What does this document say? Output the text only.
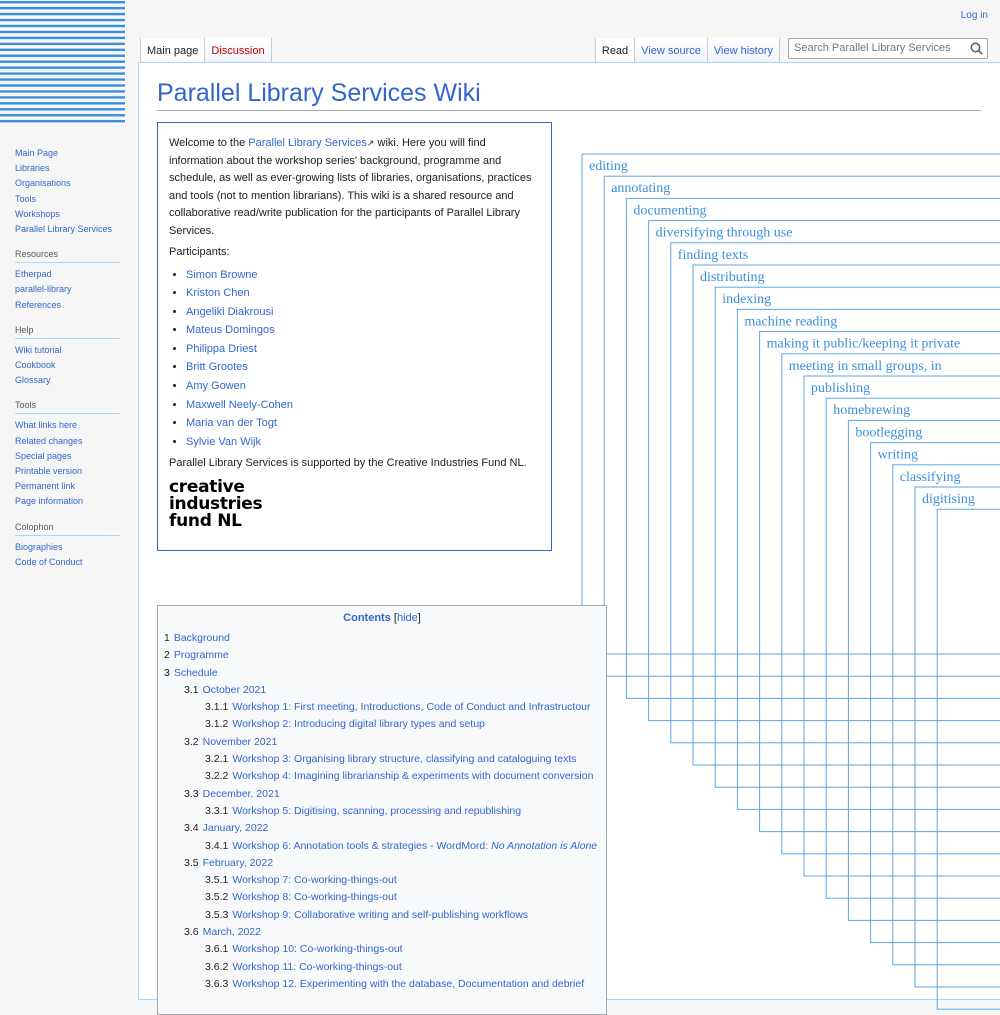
Log in
Main page	Discussion	Read	View source	View history	Search Parallel Library Services
Main Page
Libraries
Organisations
Tools
Workshops
Parallel Library Services
Resources
Etherpad
parallel-library
References
Help
Wiki tutorial
Cookbook
Glossary
Tools
What links here
Related changes
Special pages
Printable version
Permanent link
Page information
Colophon
Biographies
Code of Conduct
Parallel Library Services Wiki

Welcome to the Parallel Library Services↗ wiki. Here you will find information about the workshop series' background, programme and schedule, as well as ever-growing lists of libraries, organisations, practices and tools (not to mention librarians). This wiki is a shared resource and collaborative read/write publication for the participants of Parallel Library Services.

Participants:

• Simon Browne
• Kriston Chen
• Angeliki Diakrousi
• Mateus Domingos
• Philippa Driest
• Britt Grootes
• Amy Gowen
• Maxwell Neely-Cohen
• Maria van der Togt
• Sylvie Van Wijk

Parallel Library Services is supported by the Creative Industries Fund NL.

creative
industries
fund NL
editing
annotating
documenting
diversifying through use
finding texts
distributing
indexing
machine reading
making it public/keeping it private
meeting in small groups, in
publishing
homebrewing
bootlegging
writing
classifying
digitising
Contents [hide]
1 Background
2 Programme
3 Schedule
3.1 October 2021
3.1.1 Workshop 1: First meeting, Introductions, Code of Conduct and Infrastructour
3.1.2 Workshop 2: Introducing digital library types and setup
3.2 November 2021
3.2.1 Workshop 3: Organising library structure, classifying and cataloguing texts
3.2.2 Workshop 4: Imagining librarianship & experiments with document conversion
3.3 December, 2021
3.3.1 Workshop 5: Digitising, scanning, processing and republishing
3.4 January, 2022
3.4.1 Workshop 6: Annotation tools & strategies - WordMord: No Annotation is Alone
3.5 February, 2022
3.5.1 Workshop 7: Co-working-things-out
3.5.2 Workshop 8: Co-working-things-out
3.5.3 Workshop 9: Collaborative writing and self-publishing workflows
3.6 March, 2022
3.6.1 Workshop 10: Co-working-things-out
3.6.2 Workshop 11: Co-working-things-out
3.6.3 Workshop 12. Experimenting with the database, Documentation and debrief
